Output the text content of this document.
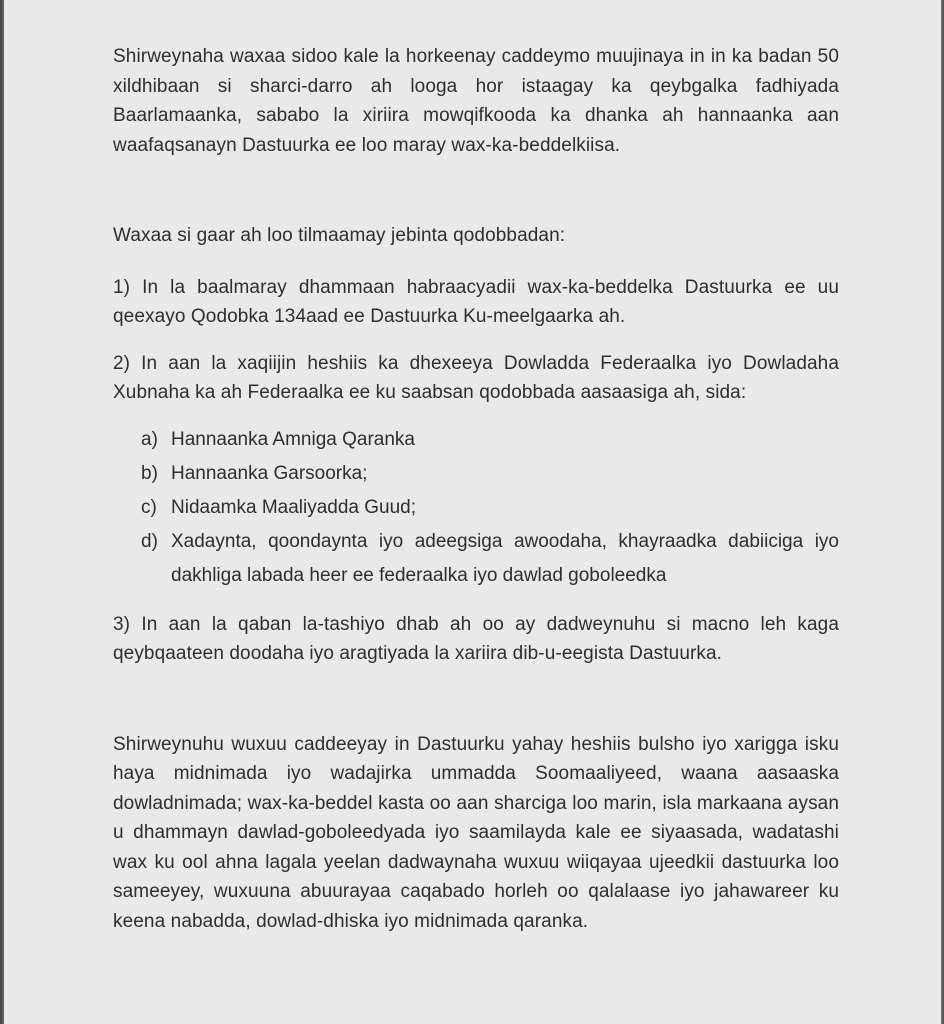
Shirweynaha waxaa sidoo kale la horkeenay caddeymo muujinaya in in ka badan 50 xildhibaan si sharci-darro ah looga hor istaagay ka qeybgalka fadhiyada Baarlamaanka, sababo la xiriira mowqifkooda ka dhanka ah hannaanka aan waafaqsanayn Dastuurka ee loo maray wax-ka-beddelkiisa.

Waxaa si gaar ah loo tilmaamay jebinta qodobbadan:

1) In la baalmaray dhammaan habraacyadii wax-ka-beddelka Dastuurka ee uu qeexayo Qodobka 134aad ee Dastuurka Ku-meelgaarka ah.

2) In aan la xaqiijin heshiis ka dhexeeya Dowladda Federaalka iyo Dowladaha Xubnaha ka ah Federaalka ee ku saabsan qodobbada aasaasiga ah, sida:

a) Hannaanka Amniga Qaranka
b) Hannaanka Garsoorka;
c) Nidaamka Maaliyadda Guud;
d) Xadaynta, qoondaynta iyo adeegsiga awoodaha, khayraadka dabiiciga iyo dakhliga labada heer ee federaalka iyo dawlad goboleedka

3) In aan la qaban la-tashiyo dhab ah oo ay dadweynuhu si macno leh kaga qeybqaateen doodaha iyo aragtiyada la xariira dib-u-eegista Dastuurka.

Shirweynuhu wuxuu caddeeyay in Dastuurku yahay heshiis bulsho iyo xarigga isku haya midnimada iyo wadajirka ummadda Soomaaliyeed, waana aasaaska dowladnimada; wax-ka-beddel kasta oo aan sharciga loo marin, isla markaana aysan u dhammayn dawlad-goboleedyada iyo saamilayda kale ee siyaasada, wadatashi wax ku ool ahna lagala yeelan dadwaynaha wuxuu wiiqayaa ujeedkii dastuurka loo sameeyey, wuxuuna abuurayaa caqabado horleh oo qalalaase iyo jahawareer ku keena nabadda, dowlad-dhiska iyo midnimada qaranka.
